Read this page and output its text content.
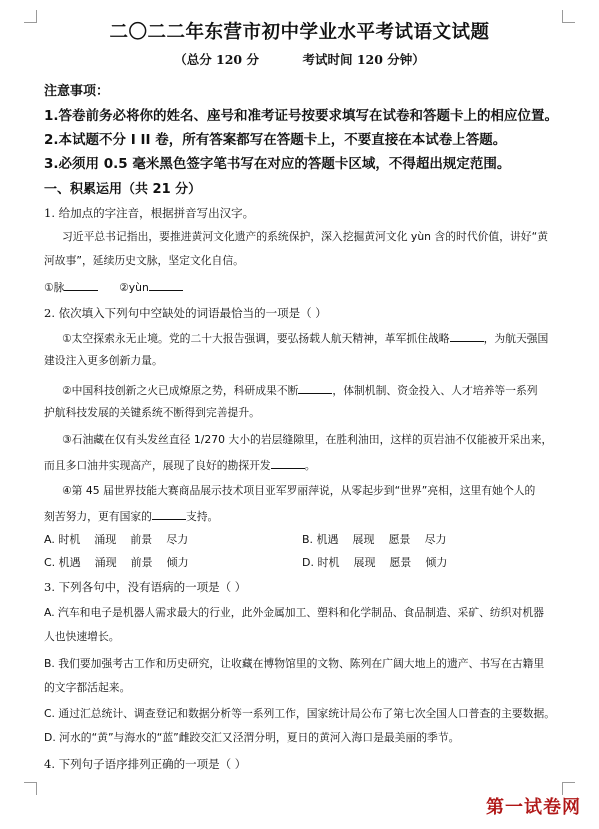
二〇二二年东营市初中学业水平考试语文试题
（总分 120 分          考试时间 120 分钟）
注意事项：
1.答卷前务必将你的姓名、座号和准考证号按要求填写在试卷和答题卡上的相应位置。
2.本试题不分 I II 卷，所有答案都写在答题卡上，不要直接在本试卷上答题。
3.必须用 0.5 毫米黑色签字笔书写在对应的答题卡区域，不得超出规定范围。
一、积累运用（共 21 分）
1. 给加点的字注音，根据拼音写出汉字。
习近平总书记指出，要推进黄河文化遗产的系统保护，深入挖掘黄河文化 yùn 含的时代价值，讲好“黄
河故事”，延续历史文脉，坚定文化自信。
①脉	②yùn
2. 依次填入下列句中空缺处的词语最恰当的一项是（ ）
①太空探索永无止境。党的二十大报告强调，要弘扬载人航天精神，革军抓住战略	，为航天强国
建设注入更多创新力量。
②中国科技创新之火已成燎原之势，科研成果不断	，体制机制、资金投入、人才培养等一系列
护航科技发展的关键系统不断得到完善提升。
③石油藏在仅有头发丝直径 1/270 大小的岩层缝隙里，在胜利油田，这样的页岩油不仅能被开采出来，
而且多口油井实现高产，展现了良好的勘探开发	。
④第 45 届世界技能大赛商品展示技术项目亚军罗丽萍说，从零起步到“世界”亮相，这里有她个人的
刻苦努力，更有国家的	支持。
A. 时机    涌现    前景    尽力	B. 机遇    展现    愿景    尽力
C. 机遇    涌现    前景    倾力	D. 时机    展现    愿景    倾力
3. 下列各句中，没有语病的一项是（ ）
A. 汽车和电子是机器人需求最大的行业，此外金属加工、塑料和化学制品、食品制造、采矿、纺织对机器
人也快速增长。
B. 我们要加强考古工作和历史研究，让收藏在博物馆里的文物、陈列在广阔大地上的遗产、书写在古籍里
的文字都活起来。
C. 通过汇总统计、调查登记和数据分析等一系列工作，国家统计局公布了第七次全国人口普查的主要数据。
D. 河水的“黄”与海水的“蓝”雌跤交汇又泾渭分明，夏日的黄河入海口是最美丽的季节。
4. 下列句子语序排列正确的一项是（ ）
第一试卷网
